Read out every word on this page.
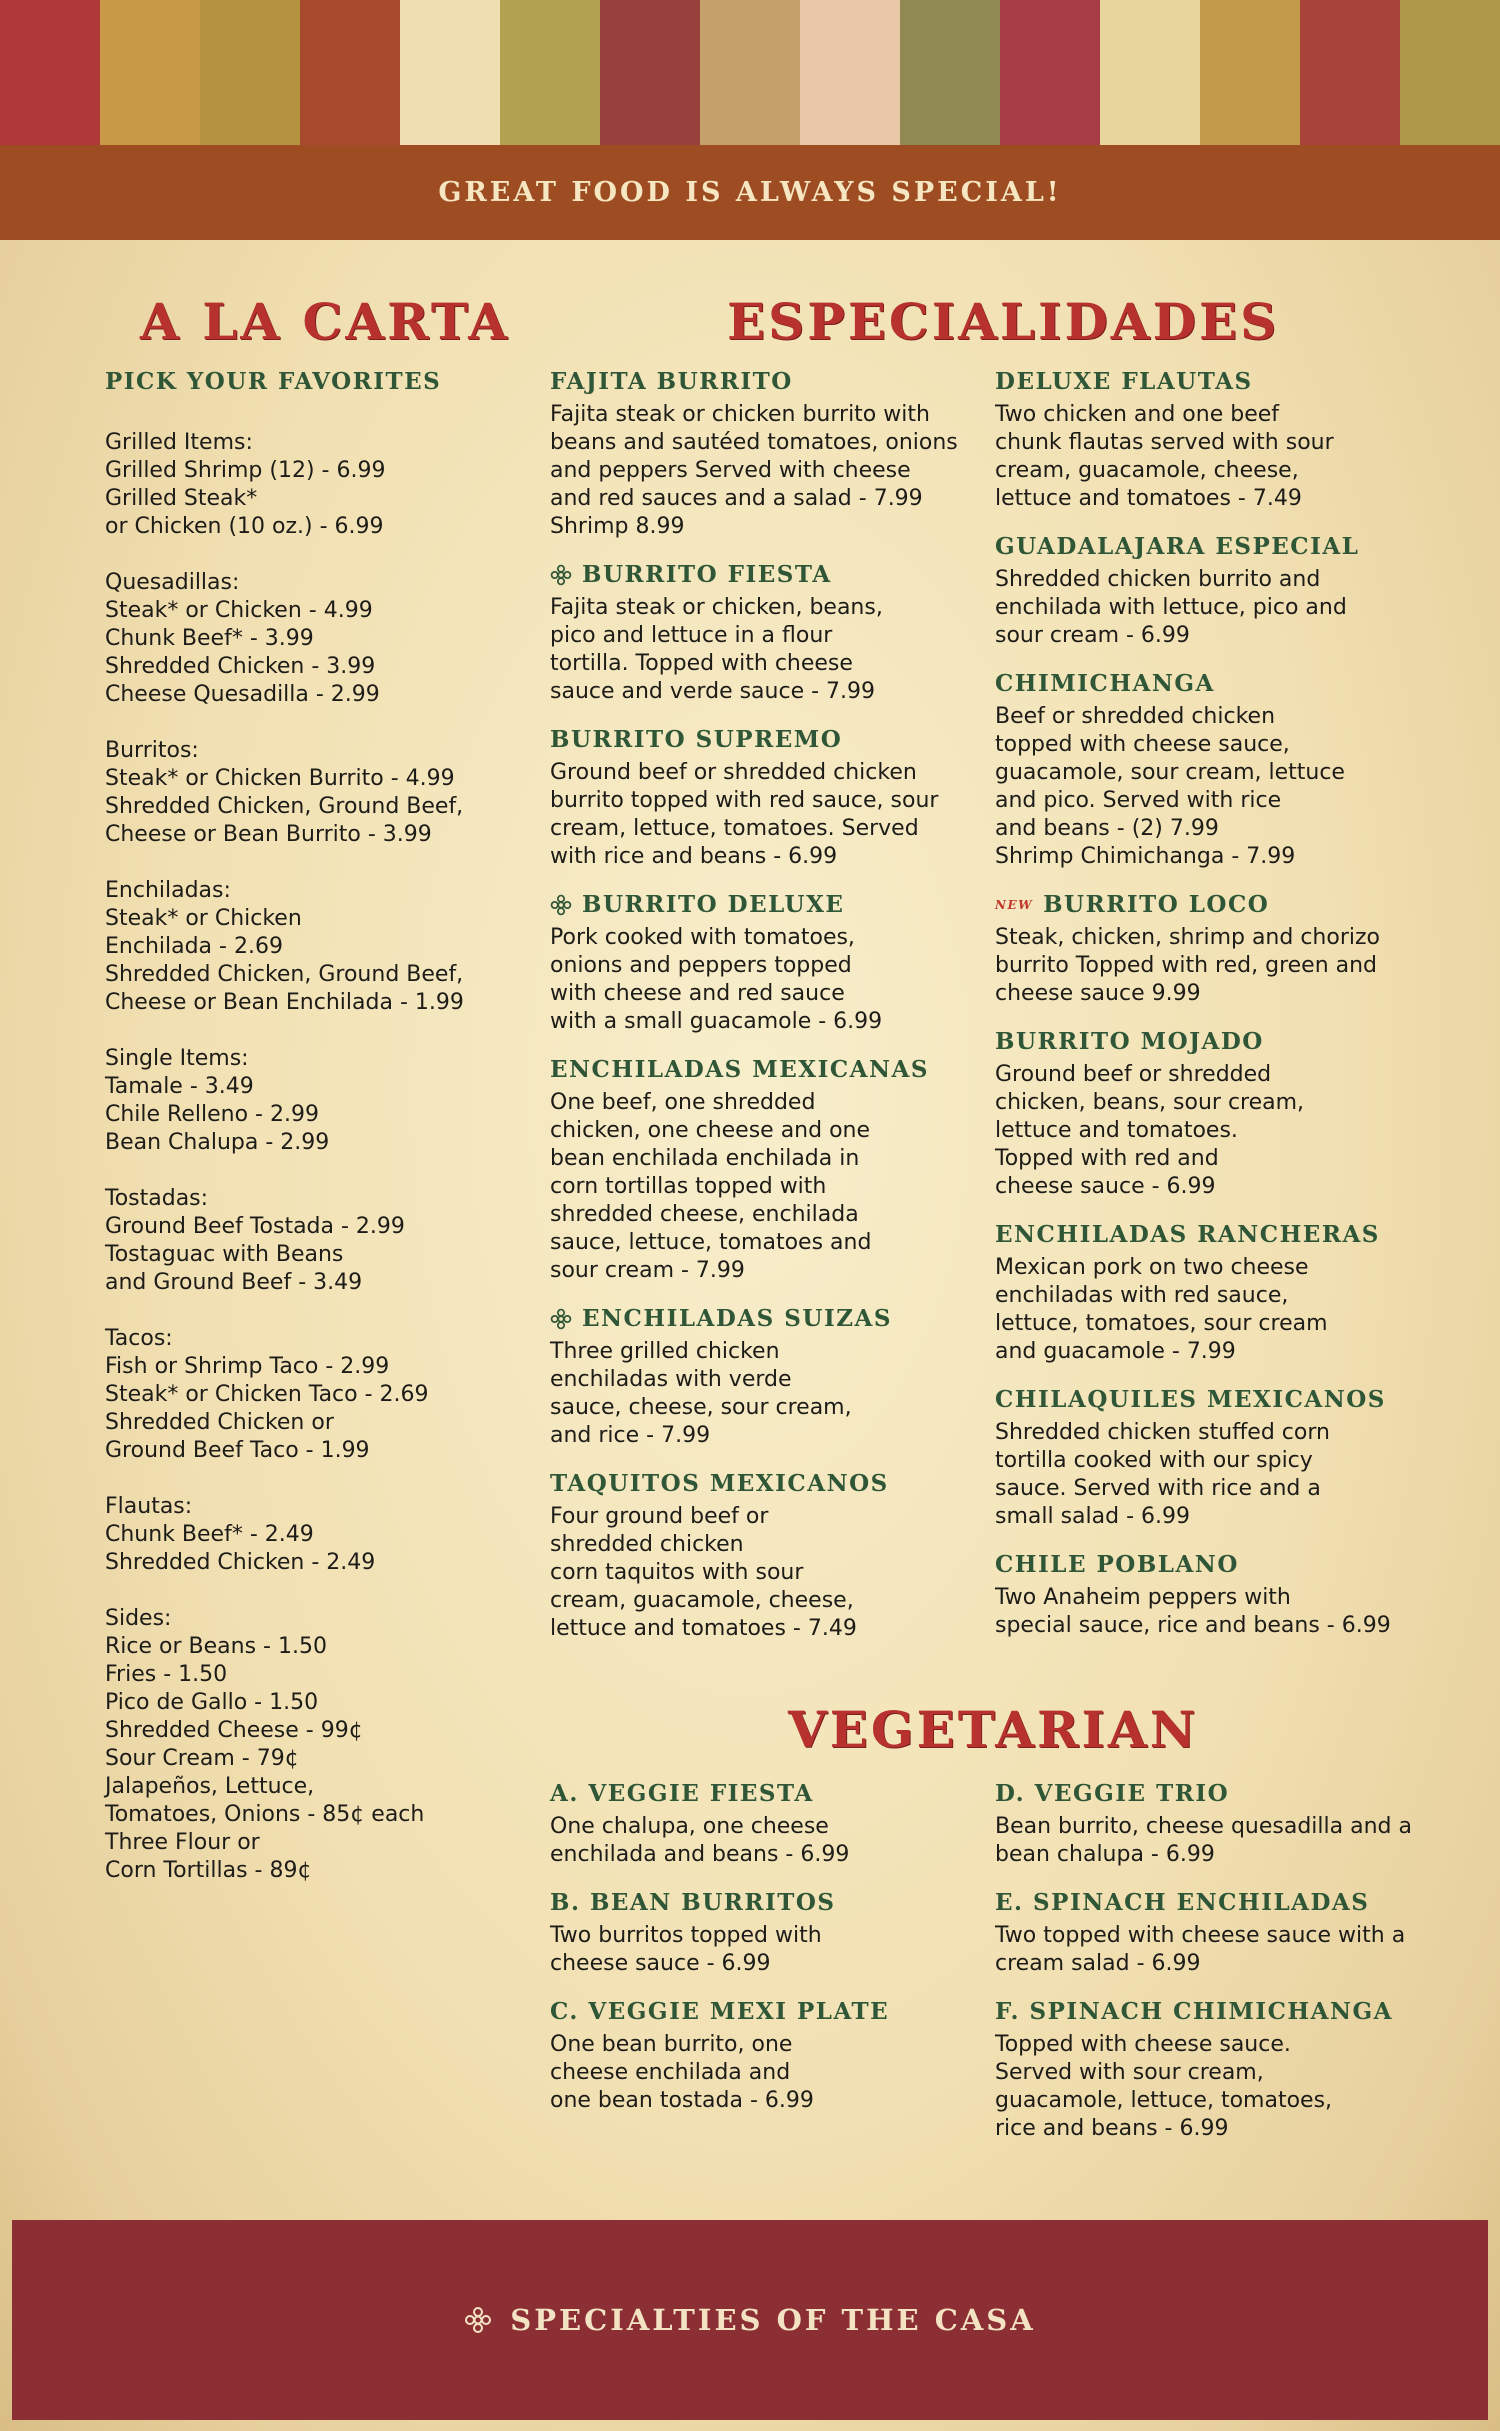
GREAT FOOD IS ALWAYS SPECIAL!
A LA CARTA	ESPECIALIDADES
PICK YOUR FAVORITES

Grilled Items:
Grilled Shrimp (12) - 6.99
Grilled Steak*
or Chicken (10 oz.) - 6.99

Quesadillas:
Steak* or Chicken - 4.99
Chunk Beef* - 3.99
Shredded Chicken - 3.99
Cheese Quesadilla - 2.99

Burritos:
Steak* or Chicken Burrito - 4.99
Shredded Chicken, Ground Beef,
Cheese or Bean Burrito - 3.99

Enchiladas:
Steak* or Chicken
Enchilada - 2.69
Shredded Chicken, Ground Beef,
Cheese or Bean Enchilada - 1.99

Single Items:
Tamale - 3.49
Chile Relleno - 2.99
Bean Chalupa - 2.99

Tostadas:
Ground Beef Tostada - 2.99
Tostaguac with Beans
and Ground Beef - 3.49

Tacos:
Fish or Shrimp Taco - 2.99
Steak* or Chicken Taco - 2.69
Shredded Chicken or
Ground Beef Taco - 1.99

Flautas:
Chunk Beef* - 2.49
Shredded Chicken - 2.49

Sides:
Rice or Beans - 1.50
Fries - 1.50
Pico de Gallo - 1.50
Shredded Cheese - 99¢
Sour Cream - 79¢
Jalapeños, Lettuce,
Tomatoes, Onions - 85¢ each
Three Flour or
Corn Tortillas - 89¢

FAJITA BURRITO

Fajita steak or chicken burrito with
beans and sautéed tomatoes, onions
and peppers Served with cheese
and red sauces and a salad - 7.99
Shrimp 8.99

BURRITO FIESTA

Fajita steak or chicken, beans,
pico and lettuce in a flour
tortilla. Topped with cheese
sauce and verde sauce - 7.99

BURRITO SUPREMO

Ground beef or shredded chicken
burrito topped with red sauce, sour
cream, lettuce, tomatoes. Served
with rice and beans - 6.99

BURRITO DELUXE

Pork cooked with tomatoes,
onions and peppers topped
with cheese and red sauce
with a small guacamole - 6.99

ENCHILADAS MEXICANAS

One beef, one shredded
chicken, one cheese and one
bean enchilada enchilada in
corn tortillas topped with
shredded cheese, enchilada
sauce, lettuce, tomatoes and
sour cream - 7.99

ENCHILADAS SUIZAS

Three grilled chicken
enchiladas with verde
sauce, cheese, sour cream,
and rice - 7.99

TAQUITOS MEXICANOS

Four ground beef or
shredded chicken
corn taquitos with sour
cream, guacamole, cheese,
lettuce and tomatoes - 7.49

DELUXE FLAUTAS

Two chicken and one beef
chunk flautas served with sour
cream, guacamole, cheese,
lettuce and tomatoes - 7.49

GUADALAJARA ESPECIAL

Shredded chicken burrito and
enchilada with lettuce, pico and
sour cream - 6.99

CHIMICHANGA

Beef or shredded chicken
topped with cheese sauce,
guacamole, sour cream, lettuce
and pico. Served with rice
and beans - (2) 7.99
Shrimp Chimichanga - 7.99

NEW BURRITO LOCO

Steak, chicken, shrimp and chorizo
burrito Topped with red, green and
cheese sauce 9.99

BURRITO MOJADO

Ground beef or shredded
chicken, beans, sour cream,
lettuce and tomatoes.
Topped with red and
cheese sauce - 6.99

ENCHILADAS RANCHERAS

Mexican pork on two cheese
enchiladas with red sauce,
lettuce, tomatoes, sour cream
and guacamole - 7.99

CHILAQUILES MEXICANOS

Shredded chicken stuffed corn
tortilla cooked with our spicy
sauce. Served with rice and a
small salad - 6.99

CHILE POBLANO

Two Anaheim peppers with
special sauce, rice and beans - 6.99

VEGETARIAN
A. VEGGIE FIESTA

One chalupa, one cheese
enchilada and beans - 6.99

B. BEAN BURRITOS

Two burritos topped with
cheese sauce - 6.99

C. VEGGIE MEXI PLATE

One bean burrito, one
cheese enchilada and
one bean tostada - 6.99

D. VEGGIE TRIO

Bean burrito, cheese quesadilla and a
bean chalupa - 6.99

E. SPINACH ENCHILADAS

Two topped with cheese sauce with a
cream salad - 6.99

F. SPINACH CHIMICHANGA

Topped with cheese sauce.
Served with sour cream,
guacamole, lettuce, tomatoes,
rice and beans - 6.99

SPECIALTIES OF THE CASA
